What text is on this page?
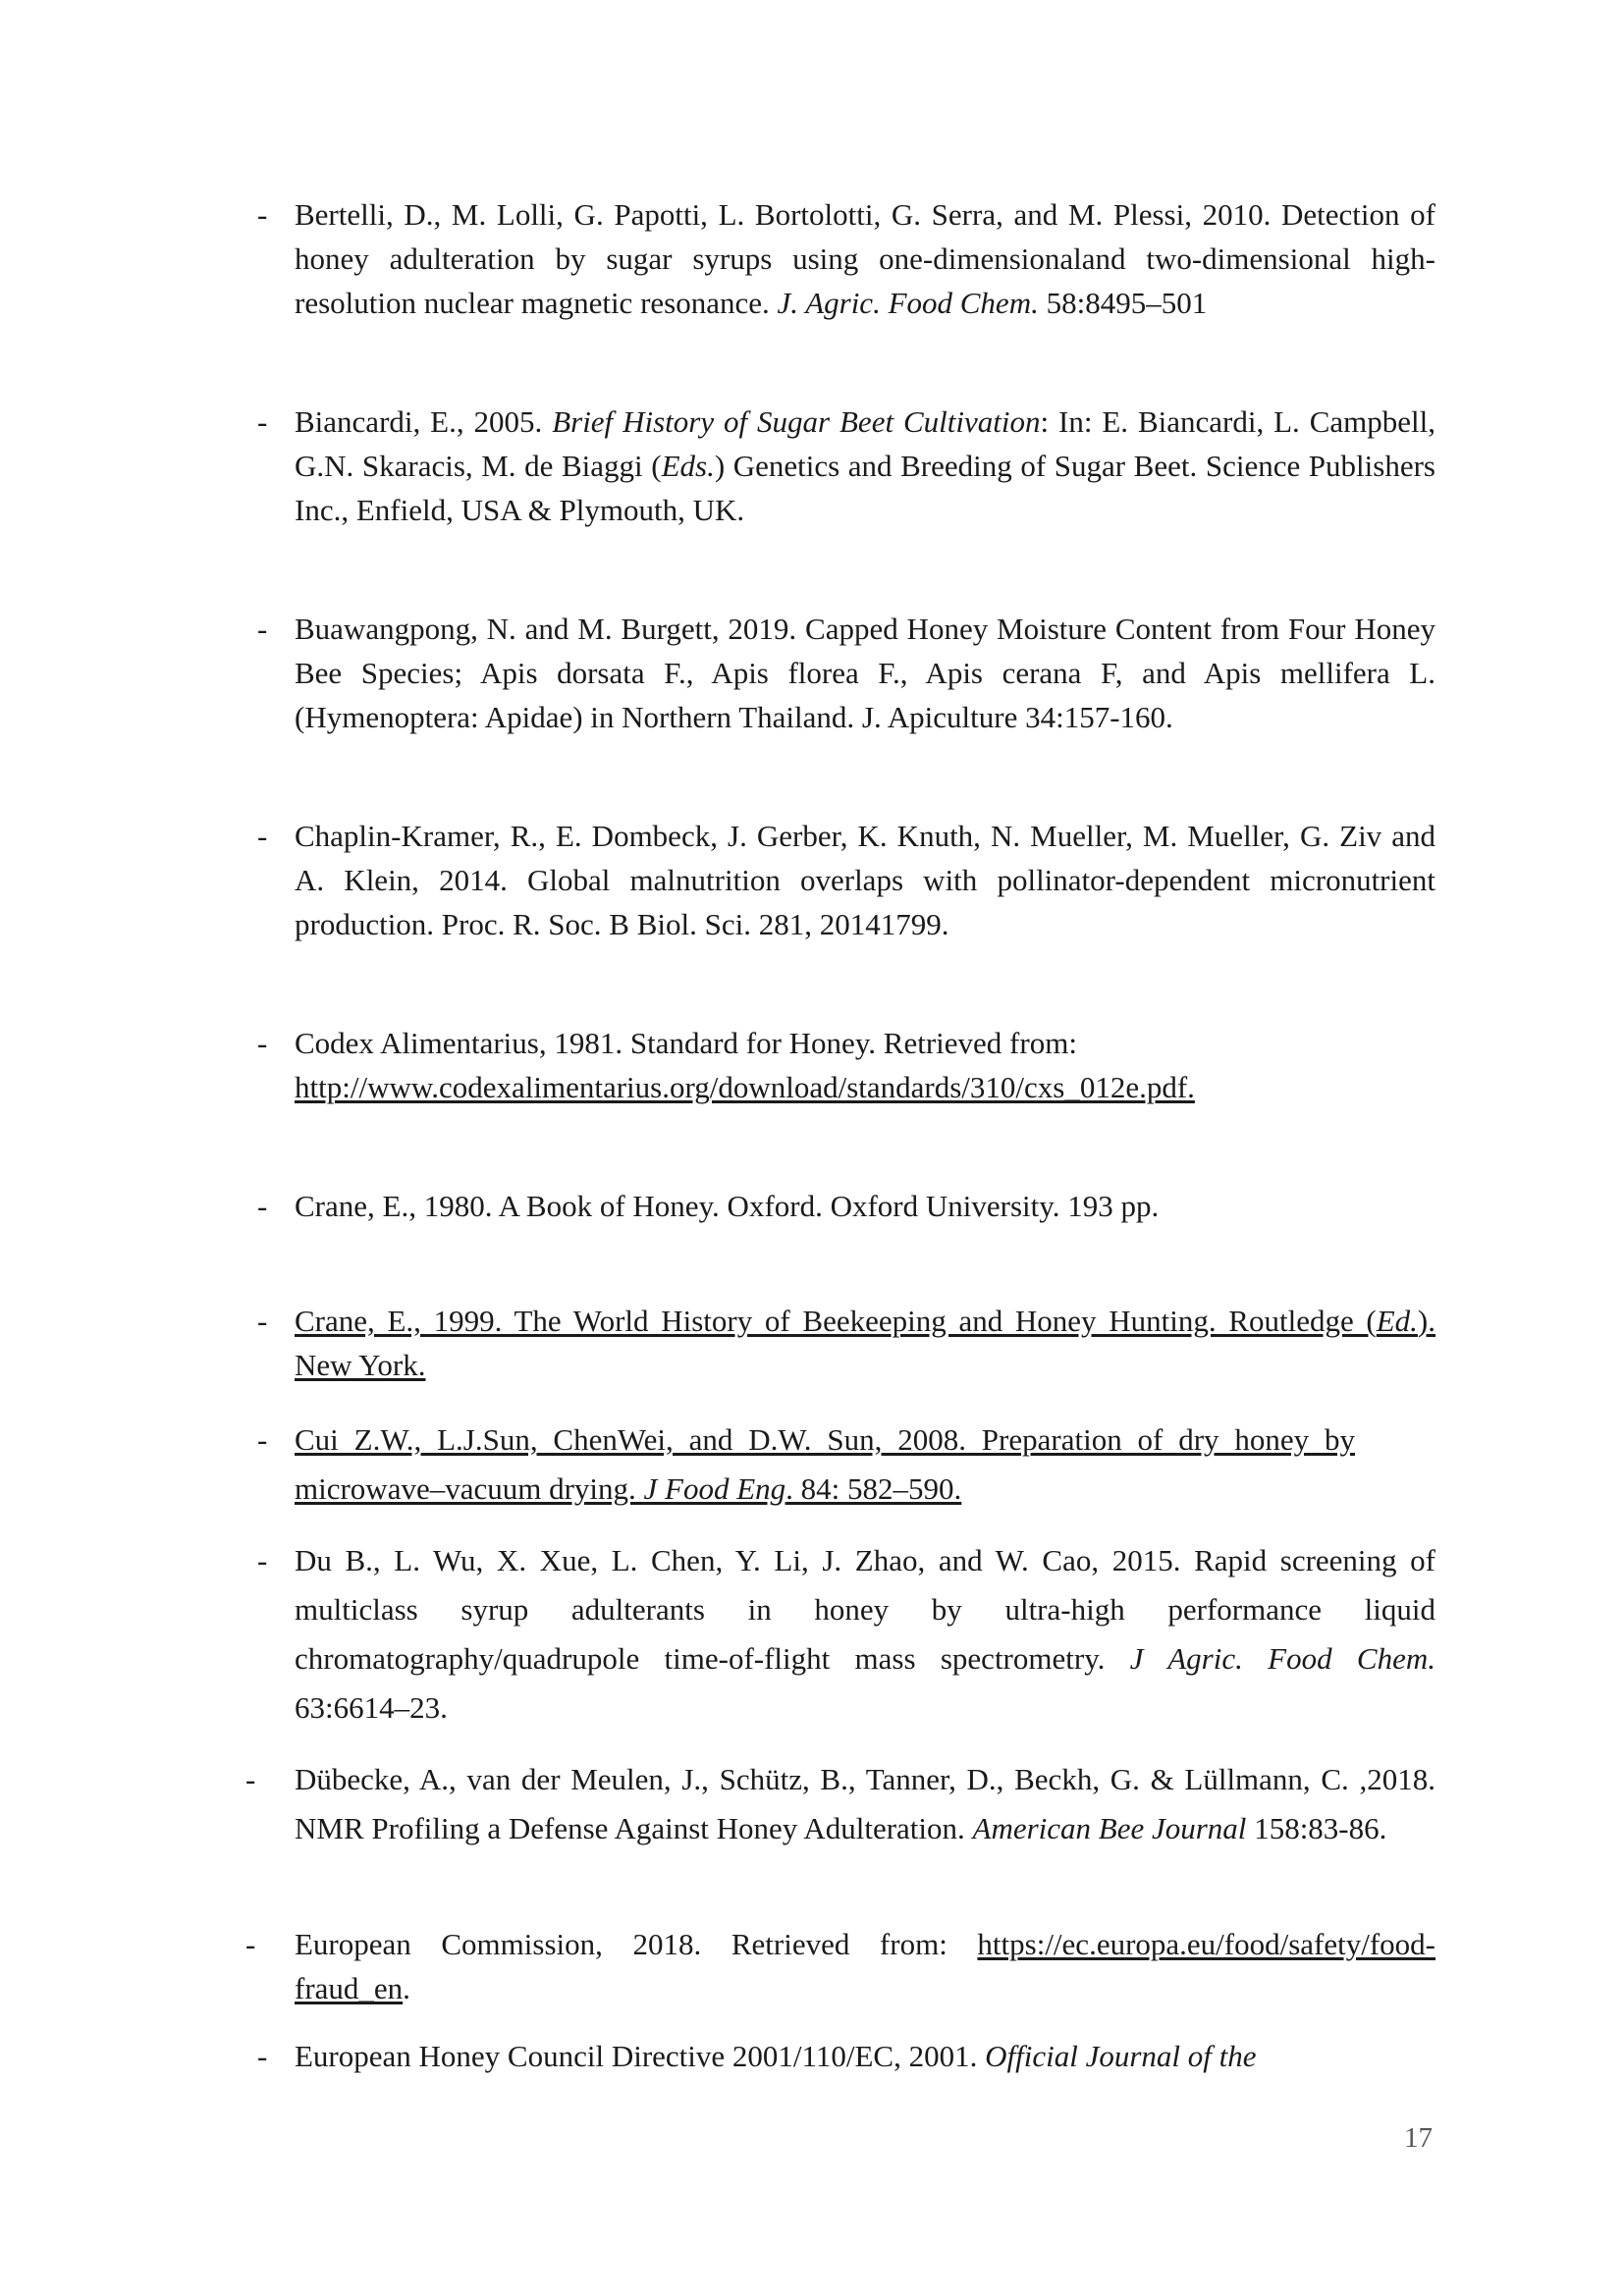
- Bertelli, D., M. Lolli, G. Papotti, L. Bortolotti, G. Serra, and M. Plessi, 2010. Detection of honey adulteration by sugar syrups using one-dimensionaland two-dimensional high-resolution nuclear magnetic resonance. J. Agric. Food Chem. 58:8495–501
- Biancardi, E., 2005. Brief History of Sugar Beet Cultivation: In: E. Biancardi, L. Campbell, G.N. Skaracis, M. de Biaggi (Eds.) Genetics and Breeding of Sugar Beet. Science Publishers Inc., Enfield, USA & Plymouth, UK.
- Buawangpong, N. and M. Burgett, 2019. Capped Honey Moisture Content from Four Honey Bee Species; Apis dorsata F., Apis florea F., Apis cerana F, and Apis mellifera L. (Hymenoptera: Apidae) in Northern Thailand. J. Apiculture 34:157-160.
- Chaplin-Kramer, R., E. Dombeck, J. Gerber, K. Knuth, N. Mueller, M. Mueller, G. Ziv and A. Klein, 2014. Global malnutrition overlaps with pollinator-dependent micronutrient production. Proc. R. Soc. B Biol. Sci. 281, 20141799.
- Codex Alimentarius, 1981. Standard for Honey. Retrieved from:
http://www.codexalimentarius.org/download/standards/310/cxs_012e.pdf.
- Crane, E., 1980. A Book of Honey. Oxford. Oxford University. 193 pp.
- Crane, E., 1999. The World History of Beekeeping and Honey Hunting. Routledge (Ed.). New York.
- Cui Z.W., L.J.Sun, ChenWei, and D.W. Sun, 2008. Preparation of dry honey by microwave–vacuum drying. J Food Eng. 84: 582–590.
- Du B., L. Wu, X. Xue, L. Chen, Y. Li, J. Zhao, and W. Cao, 2015. Rapid screening of multiclass syrup adulterants in honey by ultra-high performance liquid chromatography/quadrupole time-of-flight mass spectrometry. J Agric. Food Chem. 63:6614–23.
- Dübecke, A., van der Meulen, J., Schütz, B., Tanner, D., Beckh, G. & Lüllmann, C. ,2018. NMR Profiling a Defense Against Honey Adulteration. American Bee Journal 158:83-86.
- European Commission, 2018. Retrieved from: https://ec.europa.eu/food/safety/food-fraud_en.
- European Honey Council Directive 2001/110/EC, 2001. Official Journal of the
17
